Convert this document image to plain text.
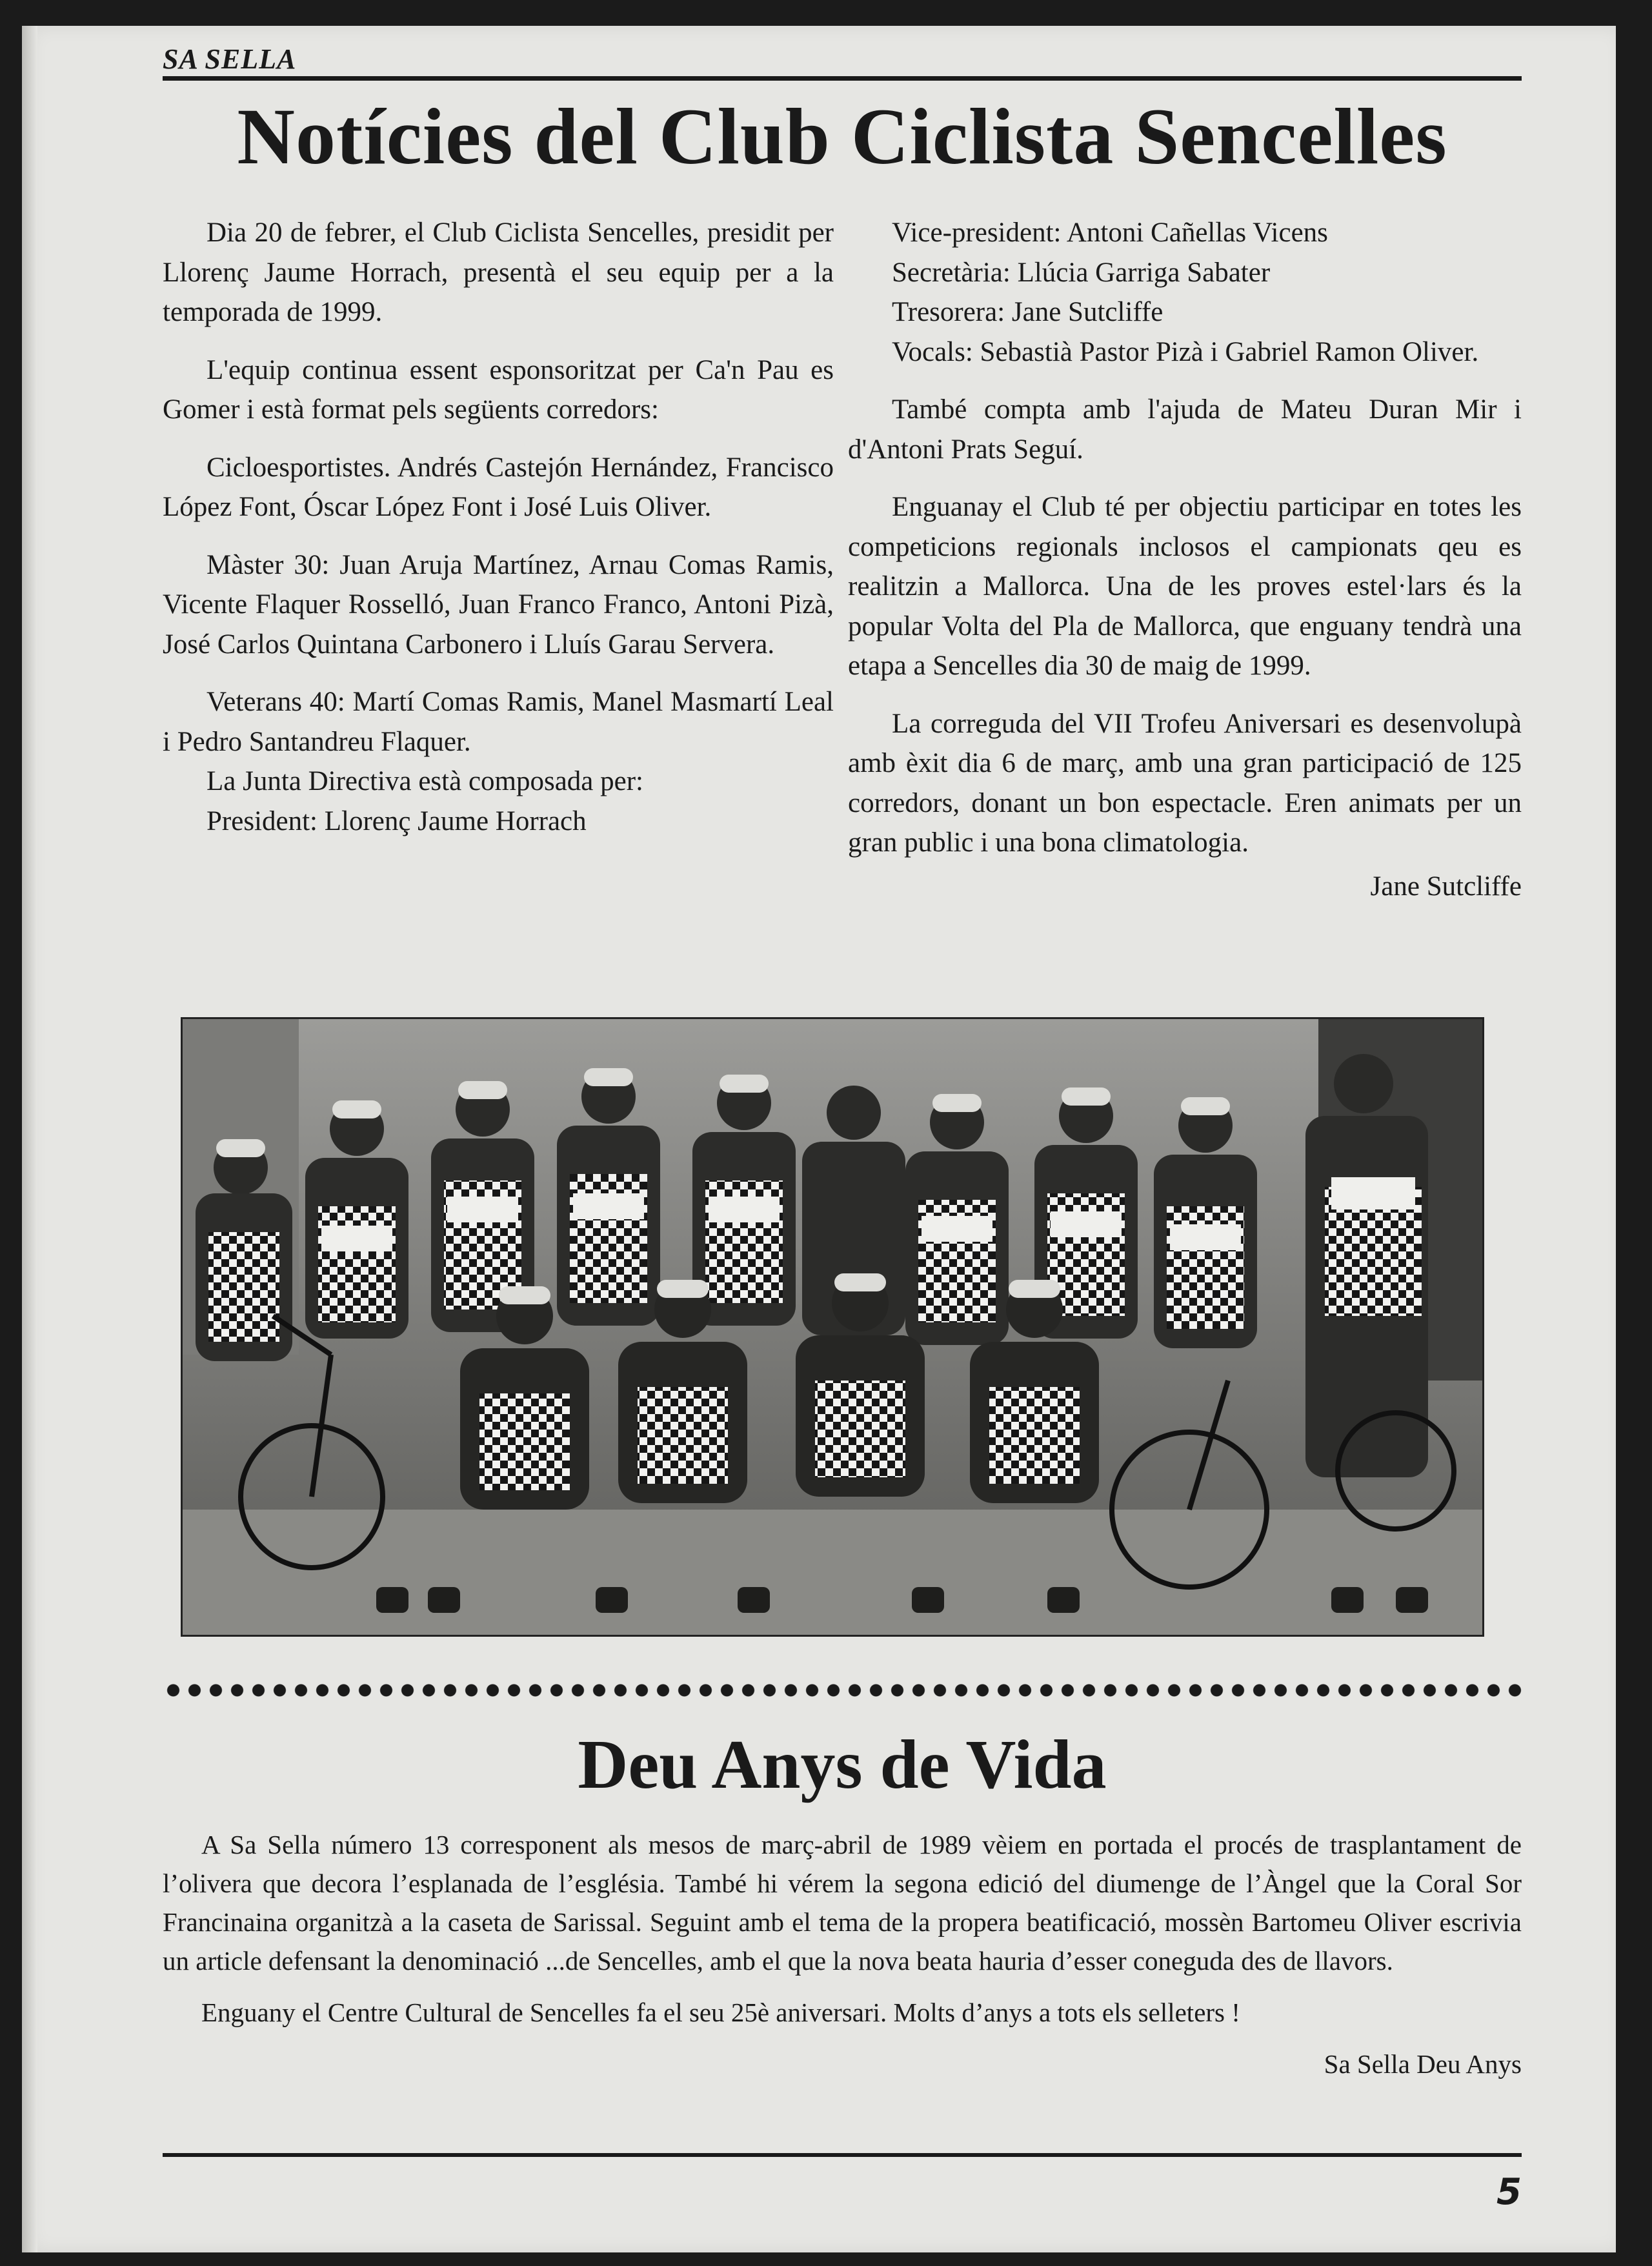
SA SELLA
Notícies del Club Ciclista Sencelles

Dia 20 de febrer, el Club Ciclista Sencelles, presidit per Llorenç Jaume Horrach, presentà el seu equip per a la temporada de 1999.

L'equip continua essent esponsoritzat per Ca'n Pau es Gomer i està format pels següents corredors:

Cicloesportistes. Andrés Castejón Hernández, Francisco López Font, Óscar López Font i José Luis Oliver.

Màster 30: Juan Aruja Martínez, Arnau Comas Ramis, Vicente Flaquer Rosselló, Juan Franco Franco, Antoni Pizà, José Carlos Quintana Carbonero i Lluís Garau Servera.

Veterans 40: Martí Comas Ramis, Manel Masmartí Leal i Pedro Santandreu Flaquer.

La Junta Directiva està composada per:

President: Llorenç Jaume Horrach

Vice-president: Antoni Cañellas Vicens

Secretària: Llúcia Garriga Sabater

Tresorera: Jane Sutcliffe

Vocals: Sebastià Pastor Pizà i Gabriel Ramon Oliver.

També compta amb l'ajuda de Mateu Duran Mir i d'Antoni Prats Seguí.

Enguanay el Club té per objectiu participar en totes les competicions regionals inclosos el campionats qeu es realitzin a Mallorca. Una de les proves estel·lars és la popular Volta del Pla de Mallorca, que enguany tendrà una etapa a Sencelles dia 30 de maig de 1999.

La correguda del VII Trofeu Aniversari es desenvolupà amb èxit dia 6 de març, amb una gran participació de 125 corredors, donant un bon espectacle. Eren animats per un gran public i una bona climatologia.

Jane Sutcliffe
Deu Anys de Vida

A Sa Sella número 13 corresponent als mesos de març-abril de 1989 vèiem en portada el procés de trasplantament de l’olivera que decora l’esplanada de l’església. També hi vérem la segona edició del diumenge de l’Àngel que la Coral Sor Francinaina organitzà a la caseta de Sarissal. Seguint amb el tema de la propera beatificació, mossèn Bartomeu Oliver escrivia un article defensant la denominació ...de Sencelles, amb el que la nova beata hauria d’esser coneguda des de llavors.

Enguany el Centre Cultural de Sencelles fa el seu 25è aniversari. Molts d’anys a tots els selleters !

Sa Sella Deu Anys

5
